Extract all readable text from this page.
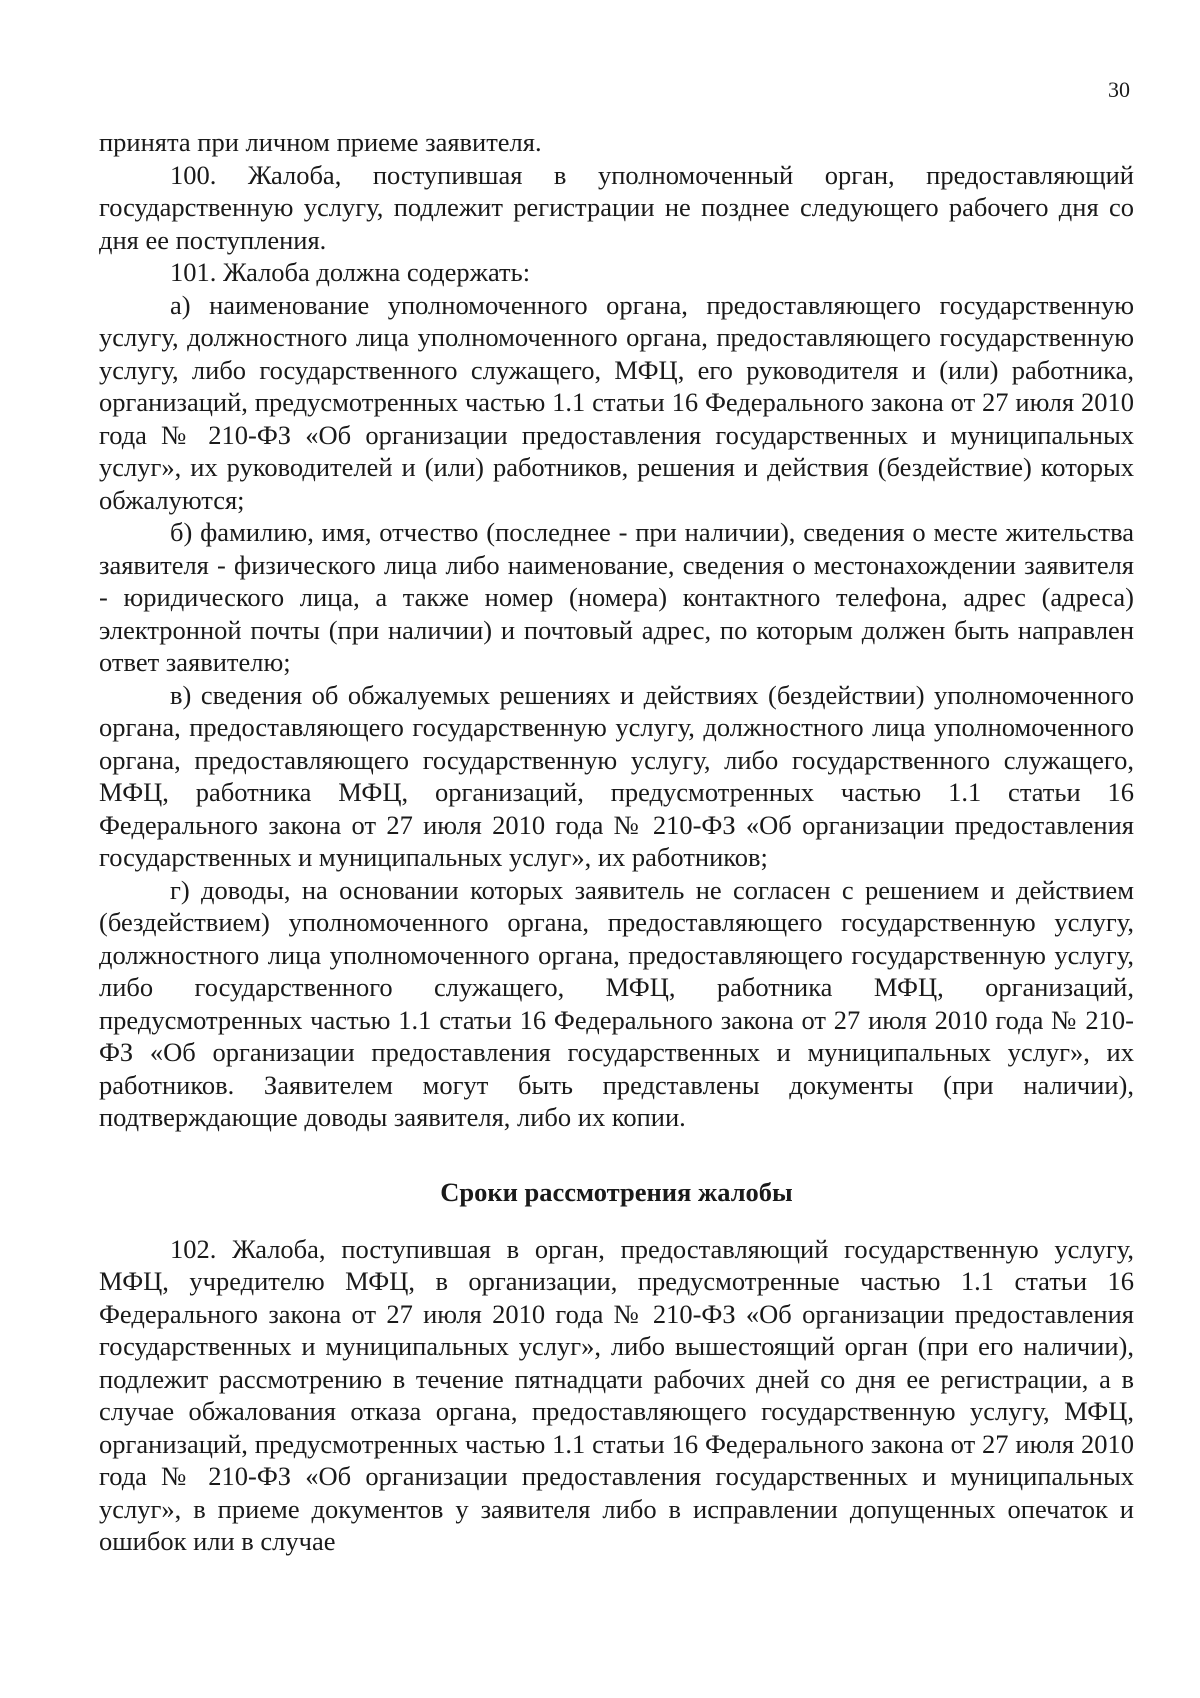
30

принята при личном приеме заявителя.

100. Жалоба, поступившая в уполномоченный орган, предоставляющий государственную услугу, подлежит регистрации не позднее следующего рабочего дня со дня ее поступления.

101. Жалоба должна содержать:

а) наименование уполномоченного органа, предоставляющего государственную услугу, должностного лица уполномоченного органа, предоставляющего государственную услугу, либо государственного служащего, МФЦ, его руководителя и (или) работника, организаций, предусмотренных частью 1.1 статьи 16 Федерального закона от 27 июля 2010 года № 210-ФЗ «Об организации предоставления государственных и муниципальных услуг», их руководителей и (или) работников, решения и действия (бездействие) которых обжалуются;

б) фамилию, имя, отчество (последнее - при наличии), сведения о месте жительства заявителя - физического лица либо наименование, сведения о местонахождении заявителя - юридического лица, а также номер (номера) контактного телефона, адрес (адреса) электронной почты (при наличии) и почтовый адрес, по которым должен быть направлен ответ заявителю;

в) сведения об обжалуемых решениях и действиях (бездействии) уполномоченного органа, предоставляющего государственную услугу, должностного лица уполномоченного органа, предоставляющего государственную услугу, либо государственного служащего, МФЦ, работника МФЦ, организаций, предусмотренных частью 1.1 статьи 16 Федерального закона от 27 июля 2010 года № 210-ФЗ «Об организации предоставления государственных и муниципальных услуг», их работников;

г) доводы, на основании которых заявитель не согласен с решением и действием (бездействием) уполномоченного органа, предоставляющего государственную услугу, должностного лица уполномоченного органа, предоставляющего государственную услугу, либо государственного служащего, МФЦ, работника МФЦ, организаций, предусмотренных частью 1.1 статьи 16 Федерального закона от 27 июля 2010 года № 210-ФЗ «Об организации предоставления государственных и муниципальных услуг», их работников. Заявителем могут быть представлены документы (при наличии), подтверждающие доводы заявителя, либо их копии.

Сроки рассмотрения жалобы

102. Жалоба, поступившая в орган, предоставляющий государственную услугу, МФЦ, учредителю МФЦ, в организации, предусмотренные частью 1.1 статьи 16 Федерального закона от 27 июля 2010 года № 210-ФЗ «Об организации предоставления государственных и муниципальных услуг», либо вышестоящий орган (при его наличии), подлежит рассмотрению в течение пятнадцати рабочих дней со дня ее регистрации, а в случае обжалования отказа органа, предоставляющего государственную услугу, МФЦ, организаций, предусмотренных частью 1.1 статьи 16 Федерального закона от 27 июля 2010 года № 210-ФЗ «Об организации предоставления государственных и муниципальных услуг», в приеме документов у заявителя либо в исправлении допущенных опечаток и ошибок или в случае
